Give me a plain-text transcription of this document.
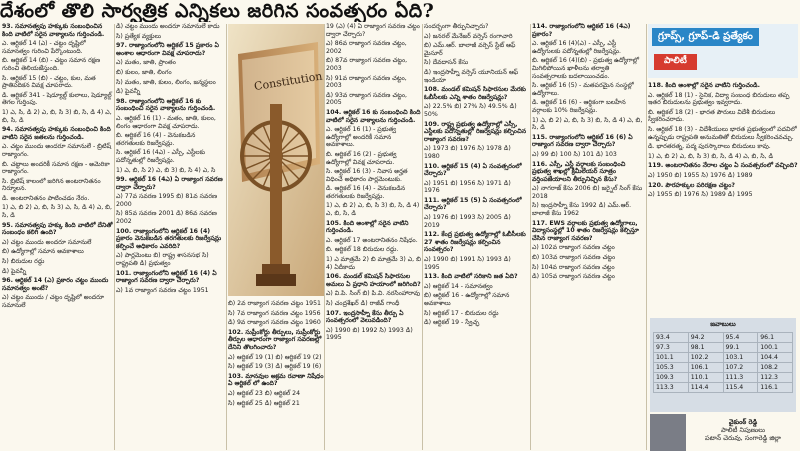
దేశంలో తొలి సార్వత్రిక ఎన్నికలు జరిగిన సంవత్సరం ఏది?

93. సమానత్వపు హక్కుకు సంబంధించిన కింది వాటిలో సరైన వాక్యాలను గుర్తించండి.

ఎ. ఆర్టికల్ 14 (ఎ) - చట్టం దృష్టిలో సమానత్వం గురించి పేర్కొంటుంది.

బి. ఆర్టికల్ 14 (బి) - చట్టం సమాన రక్షణ గురించి తెలియజేస్తుంది.

సి. ఆర్టికల్ 15 (బి) - చట్టం, కుల, మత ప్రాతిపదికన వివక్ష చూపరాదు.

డి. ఆర్టికల్ 341 - షెడ్యూల్డ్ కులాలు, షెడ్యూల్డ్ తెగల గుర్తింపు.

1) ఎ, సి, డి 2) ఎ, బి, సి 3) బి, సి, డి 4) ఎ, బి, సి, డి

94. సమానత్వపు హక్కుకు సంబంధించి కింది వాటిని సరైన జతలను గుర్తించండి.

ఎ. చట్టం ముందు అందరూ సమానులే - బ్రిటిష్ రాజ్యాంగం.

బి. చట్టాలు అందరికీ సమాన రక్షణ - అమెరికా రాజ్యాంగం.

సి. బ్రిటిష్ కాలంలో జరిగిన అంటరానితనం నిర్మూలన.

డి. అంటరానితనం పాటించడం నేరం.

1) ఎ, బి 2) ఎ, బి, సి 3) ఎ, సి, డి 4) ఎ, బి, సి, డి

95. సమానత్వపు హక్కు కింది వాటిలో దేనితో సంబంధం కలిగి ఉంది?

ఎ) చట్టం ముందు అందరూ సమానులే

బి) ఉద్యోగాల్లో సమాన అవకాశాలు

సి) బిరుదుల రద్దు

డి) పైవన్నీ

96. ఆర్టికల్ 14 (ఎ) ప్రకారం చట్టం ముందు సమానత్వం అంటే?

ఎ) చట్టం ముందు / చట్టం దృష్టిలో అందరూ సమానులే

డి) చట్టం ముందు అందరూ సమానులే కాదు

సి) ప్రత్యేక వ్యక్తులు

97. రాజ్యాంగంలోని ఆర్టికల్ 15 ప్రకారం ఏ అంశాల ఆధారంగా వివక్ష చూపరాదు?

ఎ) మతం, జాతి, ప్రాంతం

బి) కులం, జాతి, లింగం

సి) మతం, జాతి, కులం, లింగం, జన్మస్థలం

డి) పైవన్నీ

98. రాజ్యాంగంలోని ఆర్టికల్ 16 కు సంబంధించి సరైన వాక్యాలను గుర్తించండి.

ఎ. ఆర్టికల్ 16 (1) - మతం, జాతి, కులం, లింగం ఆధారంగా వివక్ష చూపరాదు.

బి. ఆర్టికల్ 16 (4) - వెనుకబడిన తరగతులకు రిజర్వేషన్లు.

సి. ఆర్టికల్ 16 (4ఎ) - ఎస్సీ, ఎస్టీలకు పదోన్నతుల్లో రిజర్వేషన్లు.

1) ఎ, బి, సి 2) ఎ, బి 3) బి, సి 4) ఎ, సి

99. ఆర్టికల్ 16 (4ఎ) ఏ రాజ్యాంగ సవరణ ద్వారా చేర్చారు?

ఎ) 77వ సవరణ 1995 బి) 81వ సవరణ 2000

సి) 85వ సవరణ 2001 డి) 86వ సవరణ 2002

100. రాజ్యాంగంలోని ఆర్టికల్ 16 (4) ప్రకారం వెనుకబడిన తరగతులకు రిజర్వేషన్లు కల్పించే అధికారం ఎవరిది?

ఎ) పార్లమెంటు బి) రాష్ట్ర శాసనసభ సి) రాష్ట్రపతి డి) ప్రభుత్వం

101. రాజ్యాంగంలోని ఆర్టికల్ 16 (4) ఏ రాజ్యాంగ సవరణ ద్వారా చేర్చారు?

ఎ) 1వ రాజ్యాంగ సవరణ చట్టం 1951

Constitution

బి) 2వ రాజ్యాంగ సవరణ చట్టం 1951

సి) 7వ రాజ్యాంగ సవరణ చట్టం 1956

డి) 9వ రాజ్యాంగ సవరణ చట్టం 1960

102. సుప్రీంకోర్టు తీర్పులు, సుప్రీంకోర్టు తీర్పుల ఆధారంగా రాజ్యాంగ సవరణల్లో దేనిని తొలగించారు?

ఎ) ఆర్టికల్ 19 (1) బి) ఆర్టికల్ 19 (2)

సి) ఆర్టికల్ 19 (3) డి) ఆర్టికల్ 19 (6)

103. మానవుల అక్రమ రవాణా నిషేధం ఏ ఆర్టికల్ లో ఉంది?

ఎ) ఆర్టికల్ 23 బి) ఆర్టికల్ 24

సి) ఆర్టికల్ 25 డి) ఆర్టికల్ 21

19 (ఎ) (4) ఏ రాజ్యాంగ సవరణ చట్టం ద్వారా చేర్చారు?

ఎ) 86వ రాజ్యాంగ సవరణ చట్టం, 2002

బి) 87వ రాజ్యాంగ సవరణ చట్టం, 2003

సి) 91వ రాజ్యాంగ సవరణ చట్టం, 2003

డి) 93వ రాజ్యాంగ సవరణ చట్టం, 2005

104. ఆర్టికల్ 16 కు సంబంధించి కింది వాటిలో సరైన వాక్యాలను గుర్తించండి.

ఎ. ఆర్టికల్ 16 (1) - ప్రభుత్వ ఉద్యోగాల్లో అందరికీ సమాన అవకాశాలు.

బి. ఆర్టికల్ 16 (2) - ప్రభుత్వ ఉద్యోగాల్లో వివక్ష చూపరాదు.

సి. ఆర్టికల్ 16 (3) - నివాస అర్హత విధించే అధికారం పార్లమెంటుకు.

డి. ఆర్టికల్ 16 (4) - వెనుకబడిన తరగతులకు రిజర్వేషన్లు.

1) ఎ, బి 2) ఎ, బి, సి 3) బి, సి, డి 4) ఎ, బి, సి, డి

105. కింది అంశాల్లో సరైన వాటిని గుర్తించండి.

ఎ. ఆర్టికల్ 17 అంటరానితనం నిషేధం.

బి. ఆర్టికల్ 18 బిరుదుల రద్దు.

1) ఎ మాత్రమే 2) బి మాత్రమే 3) ఎ, బి 4) ఏదీకాదు

106. మండల్ కమిషన్ సిఫారసుల అమలు ఏ ప్రధాని హయాంలో జరిగింది?

ఎ) వి.పి. సింగ్ బి) పి.వి. నరసింహారావు

సి) చంద్రశేఖర్ డి) రాజీవ్ గాంధీ

107. ఇంద్రసాహ్నీ కేసు తీర్పు ఏ సంవత్సరంలో వెలువడింది?

ఎ) 1990 బి) 1992 సి) 1993 డి) 1995

సందర్భంగా తీర్పునిచ్చారు?

ఎ) జనరల్ మేనేజర్ వర్సెస్ రంగాచారి

బి) ఎమ్.ఆర్. బాలాజీ వర్సెస్ స్టేట్ ఆఫ్ మైసూర్

సి) దేవదాసన్ కేసు

డి) ఇంద్రసాహ్నీ వర్సెస్ యూనియన్ ఆఫ్ ఇండియా

108. మండల్ కమిషన్ సిఫారసుల మేరకు ఓబీసీలకు ఎన్ని శాతం రిజర్వేషన్లు?

ఎ) 22.5% బి) 27% సి) 49.5% డి) 50%

109. రాష్ట్ర ప్రభుత్వ ఉద్యోగాల్లో ఎస్సీ, ఎస్టీలకు పదోన్నతుల్లో రిజర్వేషన్లు కల్పించిన రాజ్యాంగ సవరణ?

ఎ) 1973 బి) 1976 సి) 1978 డి) 1980

110. ఆర్టికల్ 15 (4) ఏ సంవత్సరంలో చేర్చారు?

ఎ) 1951 బి) 1956 సి) 1971 డి) 1976

111. ఆర్టికల్ 15 (5) ఏ సంవత్సరంలో చేర్చారు?

ఎ) 1976 బి) 1993 సి) 2005 డి) 2019

112. కేంద్ర ప్రభుత్వ ఉద్యోగాల్లో ఓబీసీలకు 27 శాతం రిజర్వేషన్లు కల్పించిన సంవత్సరం?

ఎ) 1990 బి) 1991 సి) 1993 డి) 1995

113. కింది వాటిలో సరికాని జత ఏది?

ఎ) ఆర్టికల్ 14 - సమానత్వం

బి) ఆర్టికల్ 16 - ఉద్యోగాల్లో సమాన అవకాశాలు

సి) ఆర్టికల్ 17 - బిరుదుల రద్దు

డి) ఆర్టికల్ 19 - స్వేచ్ఛ

114. రాజ్యాంగంలోని ఆర్టికల్ 16 (4ఎ) ప్రకారం?

ఎ. ఆర్టికల్ 16 (4)(ఎ) - ఎస్సీ, ఎస్టీ ఉద్యోగులకు పదోన్నతుల్లో రిజర్వేషన్లు.

బి. ఆర్టికల్ 16 (4)(బి) - ప్రభుత్వ ఉద్యోగాల్లో మిగిలిపోయిన ఖాళీలను తర్వాతి సంవత్సరాలకు బదలాయించడం.

సి. ఆర్టికల్ 16 (5) - మతపరమైన సంస్థల్లో ఉద్యోగాలు.

డి. ఆర్టికల్ 16 (6) - ఆర్థికంగా బలహీన వర్గాలకు 10% రిజర్వేషన్లు.

1) ఎ, బి 2) ఎ, బి, సి 3) బి, సి, డి 4) ఎ, బి, సి, డి

115. రాజ్యాంగంలోని ఆర్టికల్ 16 (6) ఏ రాజ్యాంగ సవరణ ద్వారా చేర్చారు?

ఎ) 99 బి) 100 సి) 101 డి) 103

116. ఎస్సీ, ఎస్టీ వర్గాలకు సంబంధించి ప్రభుత్వ శాఖల్లో క్రీమీలేయర్ సూత్రం వర్తింపజేయాలని తీర్పునిచ్చిన కేసు?

ఎ) నాగరాజ్ కేసు 2006 బి) జర్నైల్ సింగ్ కేసు 2018

సి) ఇంద్రసాహ్నీ కేసు 1992 డి) ఎమ్.ఆర్. బాలాజీ కేసు 1962

117. EWS వర్గాలకు ప్రభుత్వ ఉద్యోగాలు, విద్యాసంస్థల్లో 10 శాతం రిజర్వేషన్లు కల్పిస్తూ చేసిన రాజ్యాంగ సవరణ?

ఎ) 102వ రాజ్యాంగ సవరణ చట్టం

బి) 103వ రాజ్యాంగ సవరణ చట్టం

సి) 104వ రాజ్యాంగ సవరణ చట్టం

డి) 105వ రాజ్యాంగ సవరణ చట్టం

గ్రూప్స్, గ్రూప్-డి ప్రత్యేకం
పాలిటీ

118. కింది అంశాల్లో సరైన వాటిని గుర్తించండి.

ఎ. ఆర్టికల్ 18 (1) - సైనిక, విద్యా సంబంధ బిరుదులు తప్ప ఇతర బిరుదులను ప్రభుత్వం ఇవ్వరాదు.

బి. ఆర్టికల్ 18 (2) - భారత పౌరులు విదేశీ బిరుదులు స్వీకరించరాదు.

సి. ఆర్టికల్ 18 (3) - విదేశీయులు భారత ప్రభుత్వంలో పదవిలో ఉన్నప్పుడు రాష్ట్రపతి అనుమతితో బిరుదులు స్వీకరించవచ్చు.

డి. భారతరత్న, పద్మ పురస్కారాలు బిరుదులు కావు.

1) ఎ, బి 2) ఎ, బి, సి 3) బి, సి, డి 4) ఎ, బి, సి, డి

119. అంటరానితనం నేరాల చట్టం ఏ సంవత్సరంలో వచ్చింది?

ఎ) 1950 బి) 1955 సి) 1976 డి) 1989

120. పౌరహక్కుల పరిరక్షణ చట్టం?

ఎ) 1955 బి) 1976 సి) 1989 డి) 1995

జవాబులు
93.4	94.2	95.4	96.1
97.3	98.1	99.1	100.1
101.1	102.2	103.1	104.4
105.3	106.1	107.2	108.2
109.3	110.1	111.3	112.3
113.3	114.4	115.4	116.1
వైకుంఠ్ రెడ్డి
పాలిటీ నిపుణులు
పటాన్ చెరువు, సంగారెడ్డి జిల్లా
